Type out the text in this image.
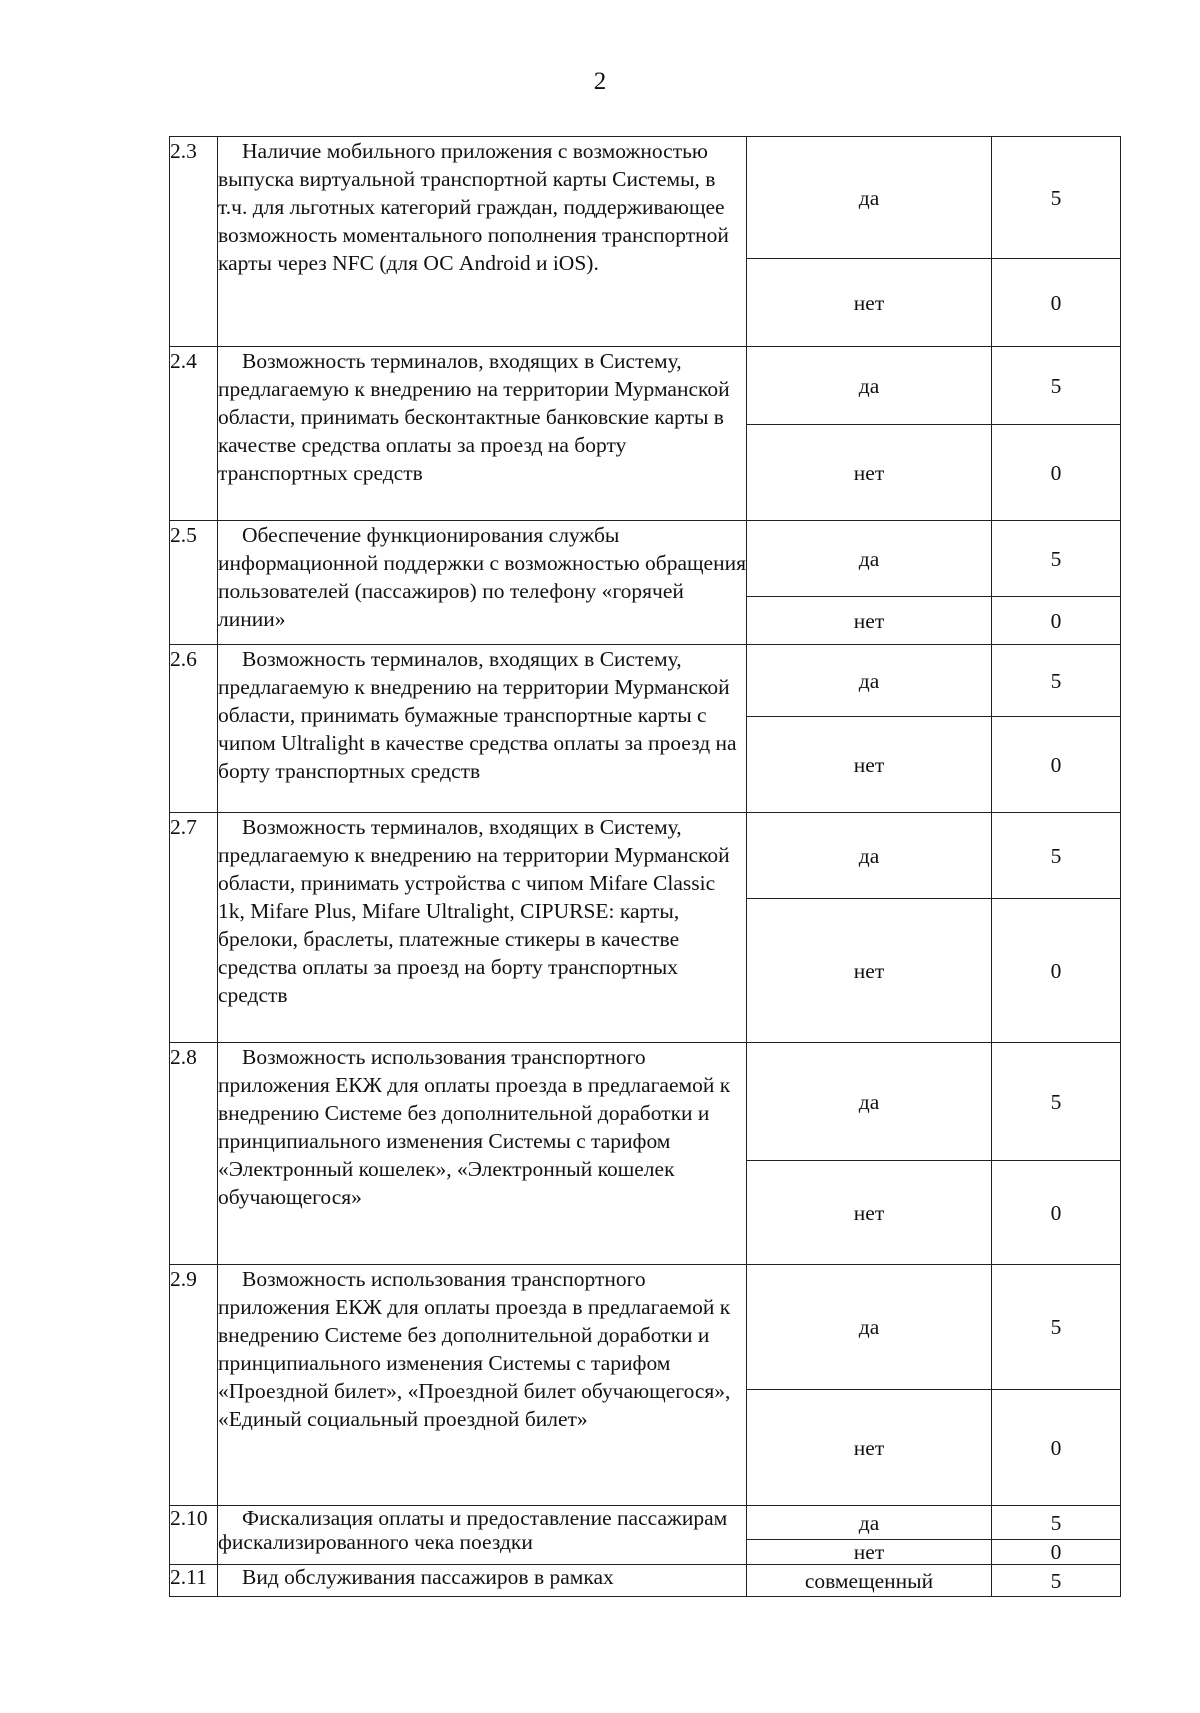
2
2.3	Наличие мобильного приложения с возможностью выпуска виртуальной транспортной карты Системы, в т.ч. для льготных категорий граждан, поддерживающее возможность моментального пополнения транспортной карты через NFC (для ОС Android и iOS).	да	5
		нет	0
2.4	Возможность терминалов, входящих в Систему, предлагаемую к внедрению на территории Мурманской области, принимать бесконтактные банковские карты в качестве средства оплаты за проезд на борту транспортных средств	да	5
		нет	0
2.5	Обеспечение функционирования службы информационной поддержки с возможностью обращения пользователей (пассажиров) по телефону «горячей линии»	да	5
		нет	0
2.6	Возможность терминалов, входящих в Систему, предлагаемую к внедрению на территории Мурманской области, принимать бумажные транспортные карты с чипом Ultralight в качестве средства оплаты за проезд на борту транспортных средств	да	5
		нет	0
2.7	Возможность терминалов, входящих в Систему, предлагаемую к внедрению на территории Мурманской области, принимать устройства с чипом Mifare Classic 1k, Mifare Plus, Mifare Ultralight, CIPURSE: карты, брелоки, браслеты, платежные стикеры в качестве средства оплаты за проезд на борту транспортных средств	да	5
		нет	0
2.8	Возможность использования транспортного приложения ЕКЖ для оплаты проезда в предлагаемой к внедрению Системе без дополнительной доработки и принципиального изменения Системы с тарифом «Электронный кошелек», «Электронный кошелек обучающегося»	да	5
		нет	0
2.9	Возможность использования транспортного приложения ЕКЖ для оплаты проезда в предлагаемой к внедрению Системе без дополнительной доработки и принципиального изменения Системы с тарифом «Проездной билет», «Проездной билет обучающегося», «Единый социальный проездной билет»	да	5
		нет	0
2.10	Фискализация оплаты и предоставление пассажирам фискализированного чека поездки	да	5
		нет	0
2.11	Вид обслуживания пассажиров в рамках	совмещенный	5
